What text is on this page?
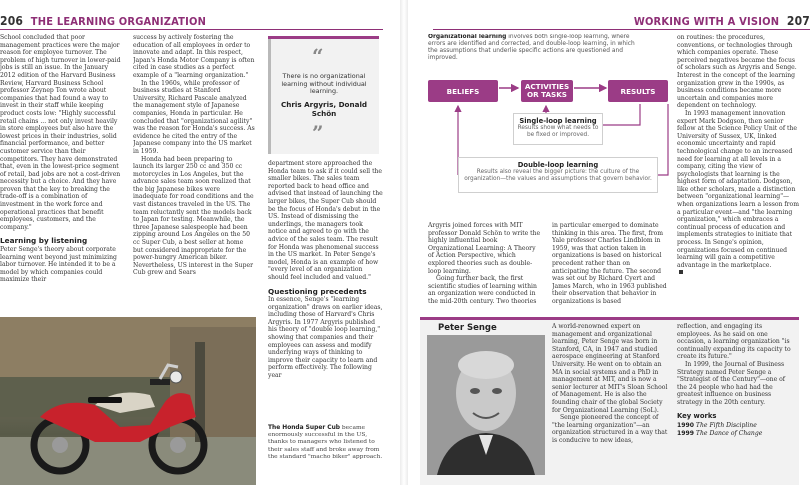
206 THE LEARNING ORGANIZATION

School concluded that poor management practices were the major reason for employee turnover. The problem of high turnover in lower-paid jobs is still an issue. In the January 2012 edition of the Harvard Business Review, Harvard Business School professor Zeynep Ton wrote about companies that had found a way to invest in their staff while keeping product costs low: "Highly successful retail chains ... not only invest heavily in store employees but also have the lowest prices in their industries, solid financial performance, and better customer service than their competitors. They have demonstrated that, even in the lowest-price segment of retail, bad jobs are not a cost-driven necessity but a choice. And they have proven that the key to breaking the trade-off is a combination of investment in the work force and operational practices that benefit employees, customers, and the company."

Learning by listening

Peter Senge's theory about corporate learning went beyond just minimizing labor turnover. He intended it to be a model by which companies could maximize their

success by actively fostering the education of all employees in order to innovate and adapt. In this respect, Japan's Honda Motor Company is often cited in case studies as a perfect example of a "learning organization."

In the 1960s, while professor of business studies at Stanford University, Richard Pascale analyzed the management style of Japanese companies, Honda in particular. He concluded that "organizational agility" was the reason for Honda's success. As evidence he cited the entry of the Japanese company into the US market in 1959.

Honda had been preparing to launch its larger 250 cc and 350 cc motorcycles in Los Angeles, but the advance sales team soon realized that the big Japanese bikes were inadequate for road conditions and the vast distances traveled in the US. The team reluctantly sent the models back to Japan for testing. Meanwhile, the three Japanese salespeople had been zipping around Los Angeles on the 50 cc Super Cub, a best seller at home but considered inappropriate for the power-hungry American biker. Nevertheless, US interest in the Super Cub grew and Sears

department store approached the Honda team to ask if it could sell the smaller bikes. The sales team reported back to head office and advised that instead of launching the larger bikes, the Super Cub should be the focus of Honda's debut in the US. Instead of dismissing the underlings, the managers took notice and agreed to go with the advice of the sales team. The result for Honda was phenomenal success in the US market. In Peter Senge's model, Honda is an example of how "every level of an organization should feel included and valued."

Questioning precedents

In essence, Senge's "learning organization" draws on earlier ideas, including those of Harvard's Chris Argyris. In 1977 Argyris published his theory of "double loop learning," showing that companies and their employees can assess and modify underlying ways of thinking to improve their capacity to learn and perform effectively. The following year

“
There is no organizational learning without individual learning.
Chris Argyris, Donald Schön
”
The Honda Super Cub became enormously successful in the US, thanks to managers who listened to their sales staff and broke away from the standard "macho biker" approach.
WORKING WITH A VISION 207
Organizational learning involves both single-loop learning, where errors are identified and corrected, and double-loop learning, in which the assumptions that underlie specific actions are questioned and improved.
BELIEFS	ACTIVITIES OR TASKS	RESULTS
Single-loop learning
Results show what needs to be fixed or improved.
Double-loop learning
Results also reveal the bigger picture: the culture of the organization—the values and assumptions that govern behavior.

Argyris joined forces with MIT professor Donald Schön to write the highly influential book Organizational Learning: A Theory of Action Perspective, which explored theories such as double-loop learning.

Going further back, the first scientific studies of learning within an organization were conducted in the mid-20th century. Two theories

in particular emerged to dominate thinking in this area. The first, from Yale professor Charles Lindblom in 1959, was that action taken in organizations is based on historical precedent rather than on anticipating the future. The second was set out by Richard Cyert and James March, who in 1963 published their observation that behavior in organizations is based

on routines: the procedures, conventions, or technologies through which companies operate. These perceived negatives became the focus of scholars such as Argyris and Senge. Interest in the concept of the learning organization grew in the 1990s, as business conditions became more uncertain and companies more dependent on technology.

In 1993 management innovation expert Mark Dodgson, then senior fellow at the Science Policy Unit of the University of Sussex, UK, linked economic uncertainty and rapid technological change to an increased need for learning at all levels in a company, citing the view of psychologists that learning is the highest form of adaptation. Dodgson, like other scholars, made a distinction between "organizational learning"—when organizations learn a lesson from a particular event—and "the learning organization," which embraces a continual process of education and implements strategies to initiate that process. In Senge's opinion, organizations focused on continued learning will gain a competitive advantage in the marketplace.

Peter Senge	A world-renowned expert on management and organizational learning, Peter Senge was born in Stanford, CA, in 1947 and studied aerospace engineering at Stanford University. He went on to obtain an MA in social systems and a PhD in management at MIT, and is now a senior lecturer at MIT's Sloan School of Management. He is also the founding chair of the global Society for Organizational Learning (SoL).

Senge pioneered the concept of "the learning organization"—an organization structured in a way that is conducive to new ideas,

reflection, and engaging its employees. As he said on one occasion, a learning organization "is continually expanding its capacity to create its future."

In 1999, the Journal of Business Strategy named Peter Senge a "Strategist of the Century"—one of the 24 people who had had the greatest influence on business strategy in the 20th century.

Key works
1990 The Fifth Discipline
1999 The Dance of Change
